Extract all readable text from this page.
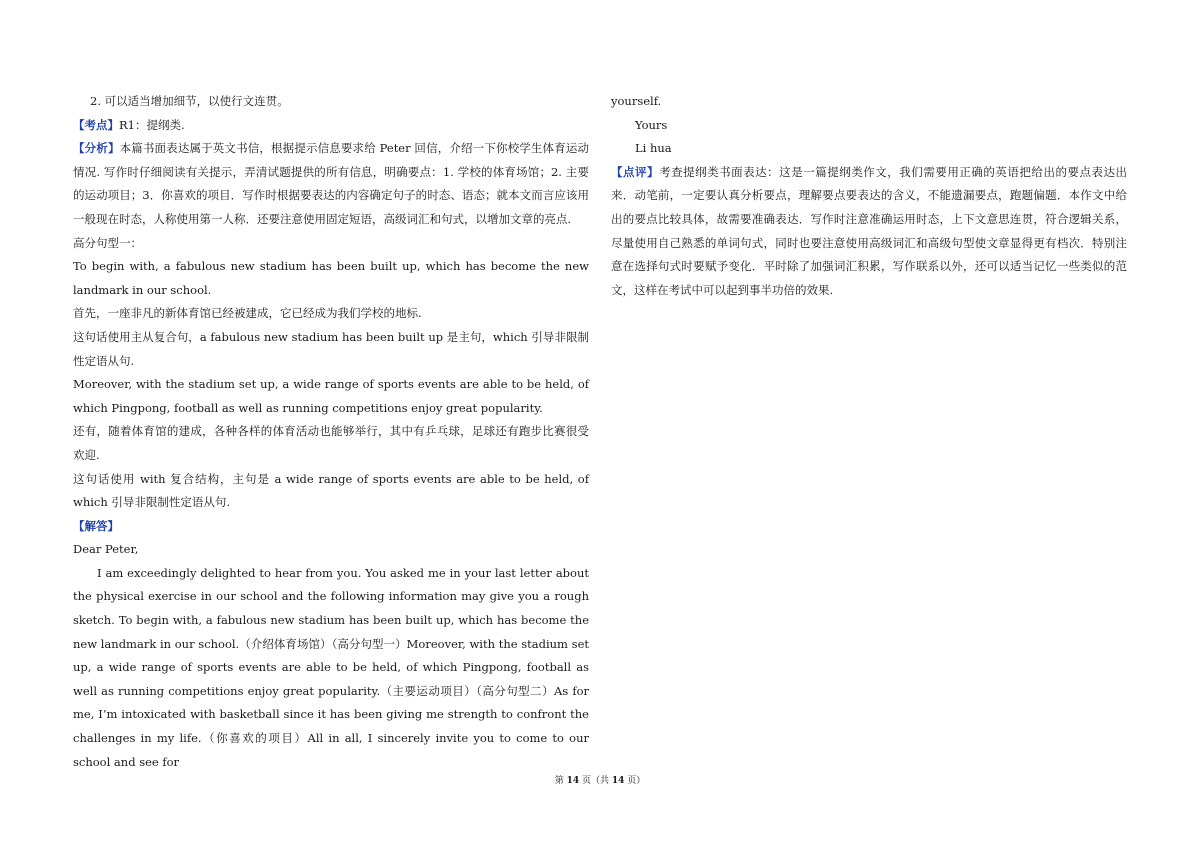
2. 可以适当增加细节，以使行文连贯。

【考点】R1：提纲类.

【分析】本篇书面表达属于英文书信，根据提示信息要求给 Peter 回信，介绍一下你校学生体育运动情况. 写作时仔细阅读有关提示，弄清试题提供的所有信息，明确要点：1. 学校的体育场馆；2. 主要的运动项目；3．你喜欢的项目．写作时根据要表达的内容确定句子的时态、语态；就本文而言应该用一般现在时态，人称使用第一人称．还要注意使用固定短语，高级词汇和句式，以增加文章的亮点.

高分句型一：

To begin with, a fabulous new stadium has been built up, which has become the new landmark in our school.

首先，一座非凡的新体育馆已经被建成，它已经成为我们学校的地标.

这句话使用主从复合句，a fabulous new stadium has been built up 是主句，which 引导非限制性定语从句.

Moreover, with the stadium set up, a wide range of sports events are able to be held, of which Pingpong, football as well as running competitions enjoy great popularity.

还有，随着体育馆的建成，各种各样的体育活动也能够举行，其中有乒乓球，足球还有跑步比赛很受欢迎.

这句话使用 with 复合结构，主句是 a wide range of sports events are able to be held, of which 引导非限制性定语从句.

【解答】

Dear Peter,

I am exceedingly delighted to hear from you. You asked me in your last letter about the physical exercise in our school and the following information may give you a rough sketch. To begin with, a fabulous new stadium has been built up, which has become the new landmark in our school.（介绍体育场馆）（高分句型一）Moreover, with the stadium set up, a wide range of sports events are able to be held, of which Pingpong, football as well as running competitions enjoy great popularity.（主要运动项目）（高分句型二）As for me, I’m intoxicated with basketball since it has been giving me strength to confront the challenges in my life.（你喜欢的项目）All in all, I sincerely invite you to come to our school and see for

yourself.

Yours

Li hua

【点评】考查提纲类书面表达：这是一篇提纲类作文，我们需要用正确的英语把给出的要点表达出来．动笔前，一定要认真分析要点，理解要点要表达的含义，不能遗漏要点，跑题偏题．本作文中给出的要点比较具体，故需要准确表达．写作时注意准确运用时态，上下文意思连贯，符合逻辑关系，尽量使用自己熟悉的单词句式，同时也要注意使用高级词汇和高级句型使文章显得更有档次．特别注意在选择句式时要赋予变化．平时除了加强词汇积累，写作联系以外，还可以适当记忆一些类似的范文，这样在考试中可以起到事半功倍的效果.

第 14 页（共 14 页）
